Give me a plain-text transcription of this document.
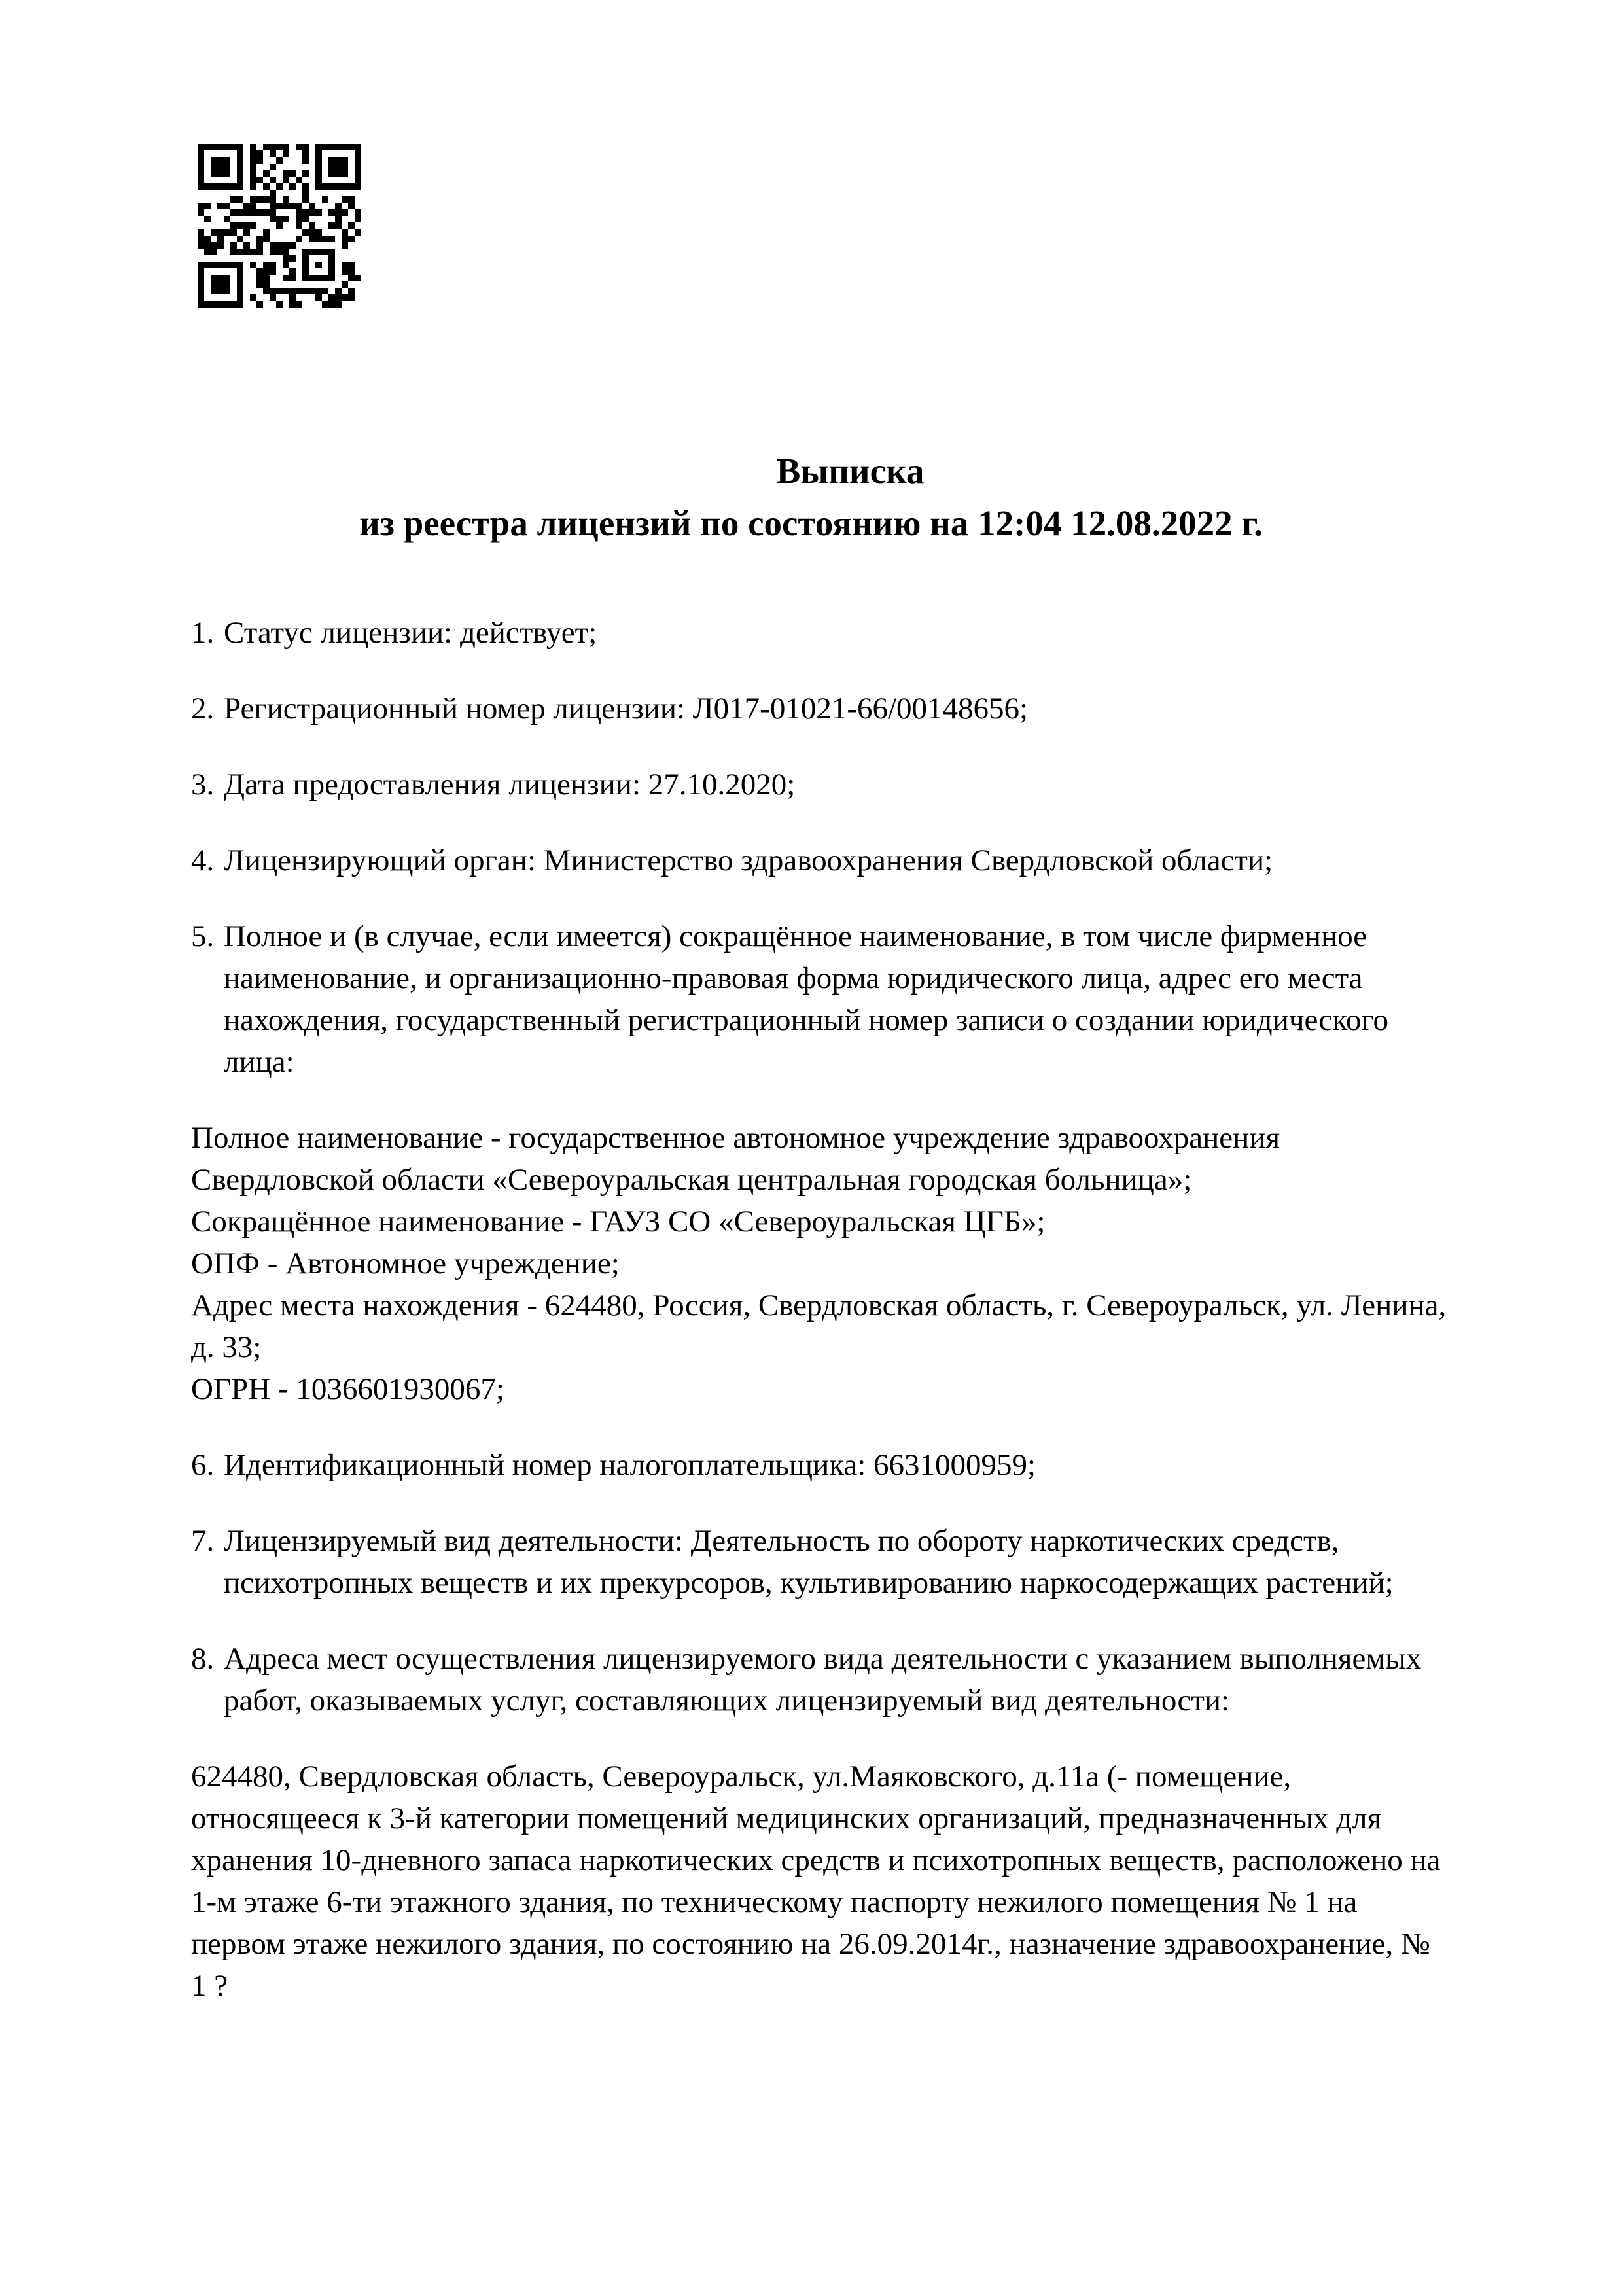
Выписка
из реестра лицензий по состоянию на 12:04 12.08.2022 г.
1. Статус лицензии: действует;
2. Регистрационный номер лицензии: Л017-01021-66/00148656;
3. Дата предоставления лицензии: 27.10.2020;
4. Лицензирующий орган: Министерство здравоохранения Свердловской области;
5. Полное и (в случае, если имеется) сокращённое наименование, в том числе фирменное
наименование, и организационно-правовая форма юридического лица, адрес его места
нахождения, государственный регистрационный номер записи о создании юридического
лица:
Полное наименование - государственное автономное учреждение здравоохранения
Свердловской области «Североуральская центральная городская больница»;
Сокращённое наименование - ГАУЗ СО «Североуральская ЦГБ»;
ОПФ - Автономное учреждение;
Адрес места нахождения - 624480, Россия, Свердловская область, г. Североуральск, ул. Ленина,
д. 33;
ОГРН - 1036601930067;
6. Идентификационный номер налогоплательщика: 6631000959;
7. Лицензируемый вид деятельности: Деятельность по обороту наркотических средств,
психотропных веществ и их прекурсоров, культивированию наркосодержащих растений;
8. Адреса мест осуществления лицензируемого вида деятельности с указанием выполняемых
работ, оказываемых услуг, составляющих лицензируемый вид деятельности:
624480, Свердловская область, Североуральск, ул.Маяковского, д.11а (- помещение,
относящееся к 3-й категории помещений медицинских организаций, предназначенных для
хранения 10-дневного запаса наркотических средств и психотропных веществ, расположено на
1-м этаже 6-ти этажного здания, по техническому паспорту нежилого помещения № 1 на
первом этаже нежилого здания, по состоянию на 26.09.2014г., назначение здравоохранение, №
1 ?
